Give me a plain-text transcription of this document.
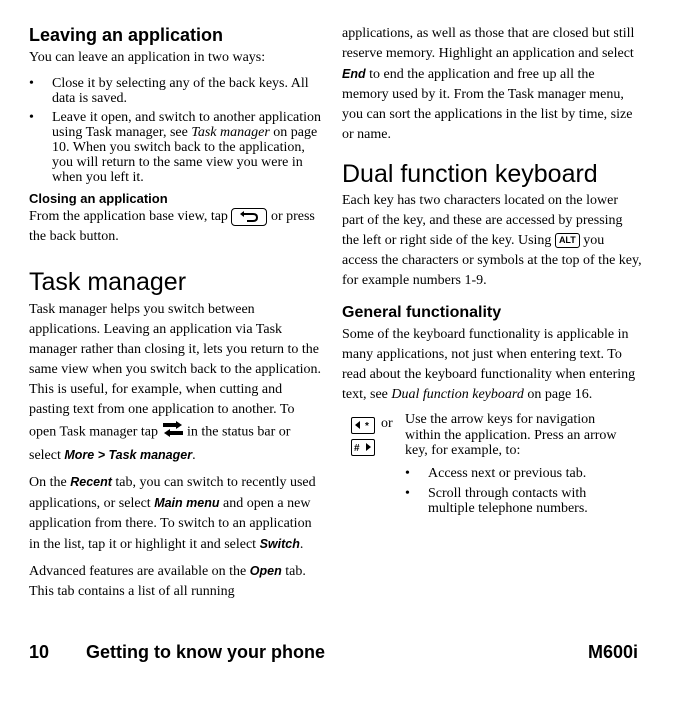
Leaving an application

You can leave an application in two ways:

• Close it by selecting any of the back keys. All data is saved.
• Leave it open, and switch to another application using Task manager, see Task manager on page 10. When you switch back to the application, you will return to the same view you were in when you left it.
Closing an application

From the application base view, tap	or press the back button.

Task manager

Task manager helps you switch between applications. Leaving an application via Task manager rather than closing it, lets you return to the same view when you switch back to the application. This is useful, for example, when cutting and pasting text from one application to another. To open Task manager tap in the status bar or select More > Task manager.

On the Recent tab, you can switch to recently used applications, or select Main menu and open a new application from there. To switch to an application in the list, tap it or highlight it and select Switch.

Advanced features are available on the Open tab. This tab contains a list of all running

applications, as well as those that are closed but still reserve memory. Highlight an application and select End to end the application and free up all the memory used by it. From the Task manager menu, you can sort the applications in the list by time, size or name.

Dual function keyboard

Each key has two characters located on the lower part of the key, and these are accessed by pressing the left or right side of the key. Using ALT you access the characters or symbols at the top of the key, for example numbers 1-9.

General functionality

Some of the keyboard functionality is applicable in many applications, not just when entering text. To read about the keyboard functionality when entering text, see Dual function keyboard on page 16.

* or
#

Use the arrow keys for navigation within the application. Press an arrow key, for example, to:

• Access next or previous tab.
• Scroll through contacts with multiple telephone numbers.
10 Getting to know your phone	M600i
